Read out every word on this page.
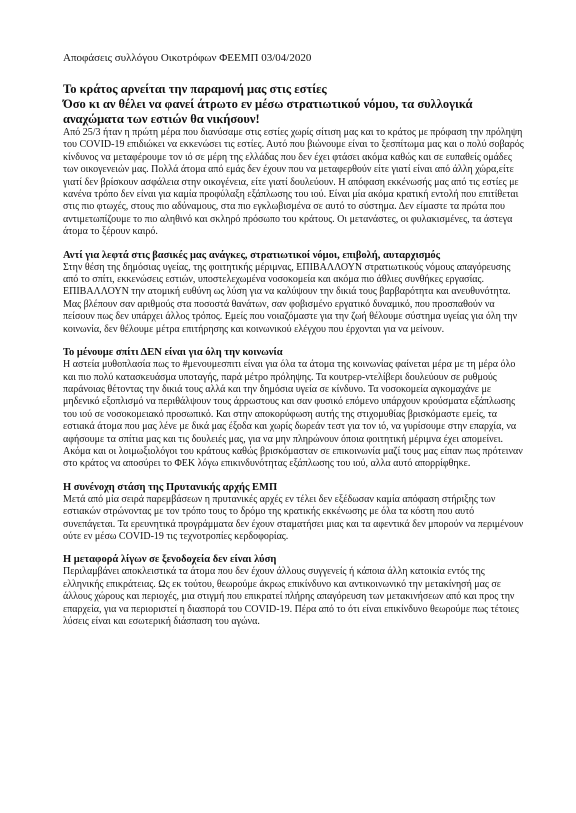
Αποφάσεις συλλόγου Οικοτρόφων ΦΕΕΜΠ 03/04/2020

Το κράτος αρνείται την παραμονή μας στις εστίες

Όσο κι αν θέλει να φανεί άτρωτο εν μέσω στρατιωτικού νόμου, τα συλλογικά αναχώματα των εστιών θα νικήσουν!

Από 25/3 ήταν η πρώτη μέρα που διανύσαμε στις εστίες χωρίς σίτιση μας και το κράτος με πρόφαση την πρόληψη του COVID-19 επιδιώκει να εκκενώσει τις εστίες. Αυτό που βιώνουμε είναι το ξεσπίτωμα μας και ο πολύ σοβαρός κίνδυνος να μεταφέρουμε τον ιό σε μέρη της ελλάδας που δεν έχει φτάσει ακόμα καθώς και σε ευπαθείς ομάδες των οικογενειών μας. Πολλά άτομα από εμάς δεν έχουν που να μεταφερθούν είτε γιατί είναι από άλλη χώρα,είτε γιατί δεν βρίσκουν ασφάλεια στην οικογένεια, είτε γιατί δουλεύουν. Η απόφαση εκκένωσής μας από τις εστίες με κανένα τρόπο δεν είναι για καμία προφύλαξη εξάπλωσης του ιού. Είναι μία ακόμα κρατική εντολή που επιτίθεται στις πιο φτωχές, στους πιο αδύναμους, στα πιο εγκλωβισμένα σε αυτό το σύστημα. Δεν είμαστε τα πρώτα που αντιμετωπίζουμε το πιο αληθινό και σκληρό πρόσωπο του κράτους. Οι μετανάστες, οι φυλακισμένες, τα άστεγα άτομα το ξέρουν καιρό.

Αντί για λεφτά στις βασικές μας ανάγκες, στρατιωτικοί νόμοι, επιβολή, αυταρχισμός

Στην θέση της δημόσιας υγείας, της φοιτητικής μέριμνας, ΕΠΙΒΑΛΛΟΥΝ στρατιωτικούς νόμους απαγόρευσης από το σπίτι, εκκενώσεις εστιών, υποστελεχωμένα νοσοκομεία και ακόμα πιο άθλιες συνθήκες εργασίας. ΕΠΙΒΑΛΛΟΥΝ την ατομική ευθύνη ως λύση για να καλύψουν την δικιά τους βαρβαρότητα και ανευθυνότητα. Μας βλέπουν σαν αριθμούς στα ποσοστά θανάτων, σαν φοβισμένο εργατικό δυναμικό, που προσπαθούν να πείσουν πως δεν υπάρχει άλλος τρόπος. Εμείς που νοιαζόμαστε για την ζωή θέλουμε σύστημα υγείας για όλη την κοινωνία, δεν θέλουμε μέτρα επιτήρησης και κοινωνικού ελέγχου που έρχονται για να μείνουν.

Το μένουμε σπίτι ΔΕΝ είναι για όλη την κοινωνία

Η αστεία μυθοπλασία πως το #μενουμεσπιτι είναι για όλα τα άτομα της κοινωνίας φαίνεται μέρα με τη μέρα όλο και πιο πολύ κατασκευάσμα υποταγής, παρά μέτρο πρόληψης. Τα κουτρερ-ντελίβερι δουλεύουν σε ρυθμούς παράνοιας θέτοντας την δικιά τους αλλά και την δημόσια υγεία σε κίνδυνο. Τα νοσοκομεία αγκομαχάνε με μηδενικό εξοπλισμό να περιθάλψουν τους άρρωστους και σαν φυσικό επόμενο υπάρχουν κρούσματα εξάπλωσης του ιού σε νοσοκομειακό προσωπικό. Και στην αποκορύφωση αυτής της στιχομυθίας βρισκόμαστε εμείς, τα εστιακά άτομα που μας λένε με δικά μας έξοδα και χωρίς δωρεάν τεστ για τον ιό, να γυρίσουμε στην επαρχία, να αφήσουμε τα σπίτια μας και τις δουλειές μας, για να μην πληρώνουν όποια φοιτητική μέριμνα έχει απομείνει. Ακόμα και οι λοιμωξιολόγοι του κράτους καθώς βρισκόμασταν σε επικοινωνία μαζί τους μας είπαν πως πρότειναν στο κράτος να αποσύρει το ΦΕΚ λόγω επικινδυνότητας εξάπλωσης του ιού, αλλα αυτό απορρίφθηκε.

Η συνένοχη στάση της Πρυτανικής αρχής ΕΜΠ

Μετά από μία σειρά παρεμβάσεων η πρυτανικές αρχές εν τέλει δεν εξέδωσαν καμία απόφαση στήριξης των εστιακών στρώνοντας με τον τρόπο τους το δρόμο της κρατικής εκκένωσης με όλα τα κόστη που αυτό συνεπάγεται. Τα ερευνητικά προγράμματα δεν έχουν σταματήσει μιας και τα αφεντικά δεν μπορούν να περιμένουν ούτε εν μέσω COVID-19 τις τεχνοτροπίες κερδοφορίας.

Η μεταφορά λίγων σε ξενοδοχεία δεν είναι λύση

Περιλαμβάνει αποκλειστικά τα άτομα που δεν έχουν άλλους συγγενείς ή κάποια άλλη κατοικία εντός της ελληνικής επικράτειας. Ως εκ τούτου, θεωρούμε άκρως επικίνδυνο και αντικοινωνικό την μετακίνησή μας σε άλλους χώρους και περιοχές, μια στιγμή που επικρατεί πλήρης απαγόρευση των μετακινήσεων από και προς την επαρχεία, για να περιοριστεί η διασπορά του COVID-19. Πέρα από το ότι είναι επικίνδυνο θεωρούμε πως τέτοιες λύσεις είναι και εσωτερική διάσπαση του αγώνα.
